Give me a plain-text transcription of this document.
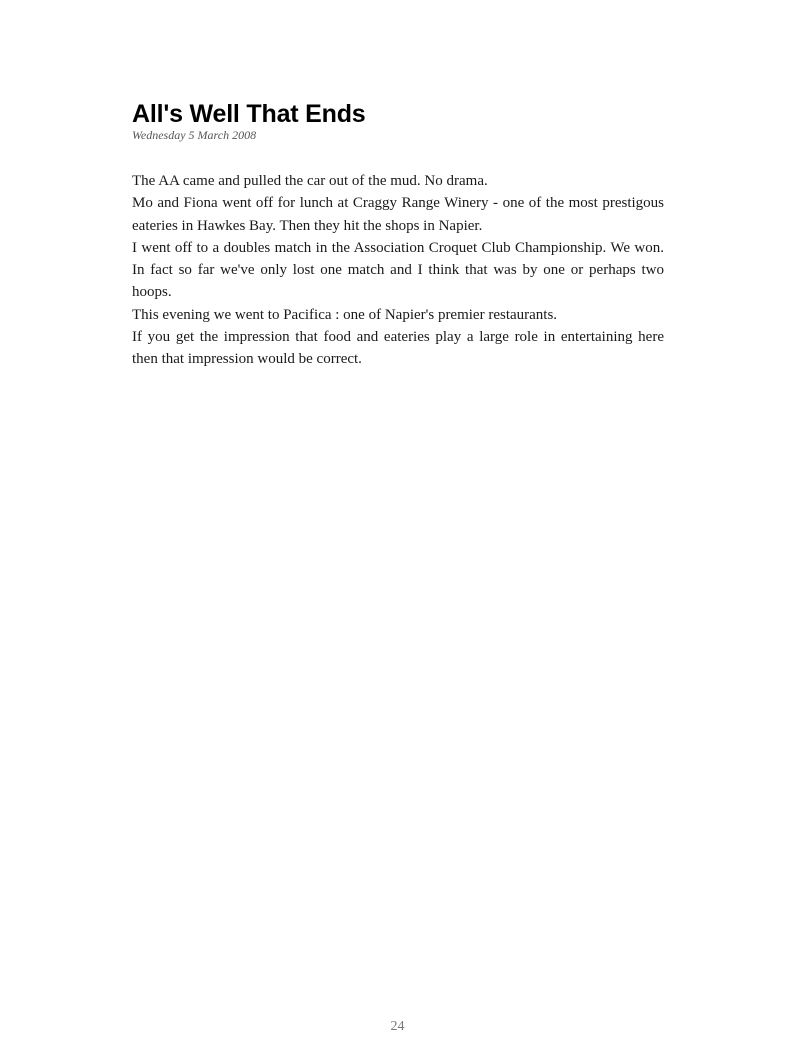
All's Well That Ends
Wednesday 5 March 2008

The AA came and pulled the car out of the mud. No drama.

Mo and Fiona went off for lunch at Craggy Range Winery - one of the most prestigous eateries in Hawkes Bay. Then they hit the shops in Napier.

I went off to a doubles match in the Association Croquet Club Championship. We won. In fact so far we've only lost one match and I think that was by one or perhaps two hoops.

This evening we went to Pacifica : one of Napier's premier restaurants.

If you get the impression that food and eateries play a large role in entertaining here then that impression would be correct.

24
